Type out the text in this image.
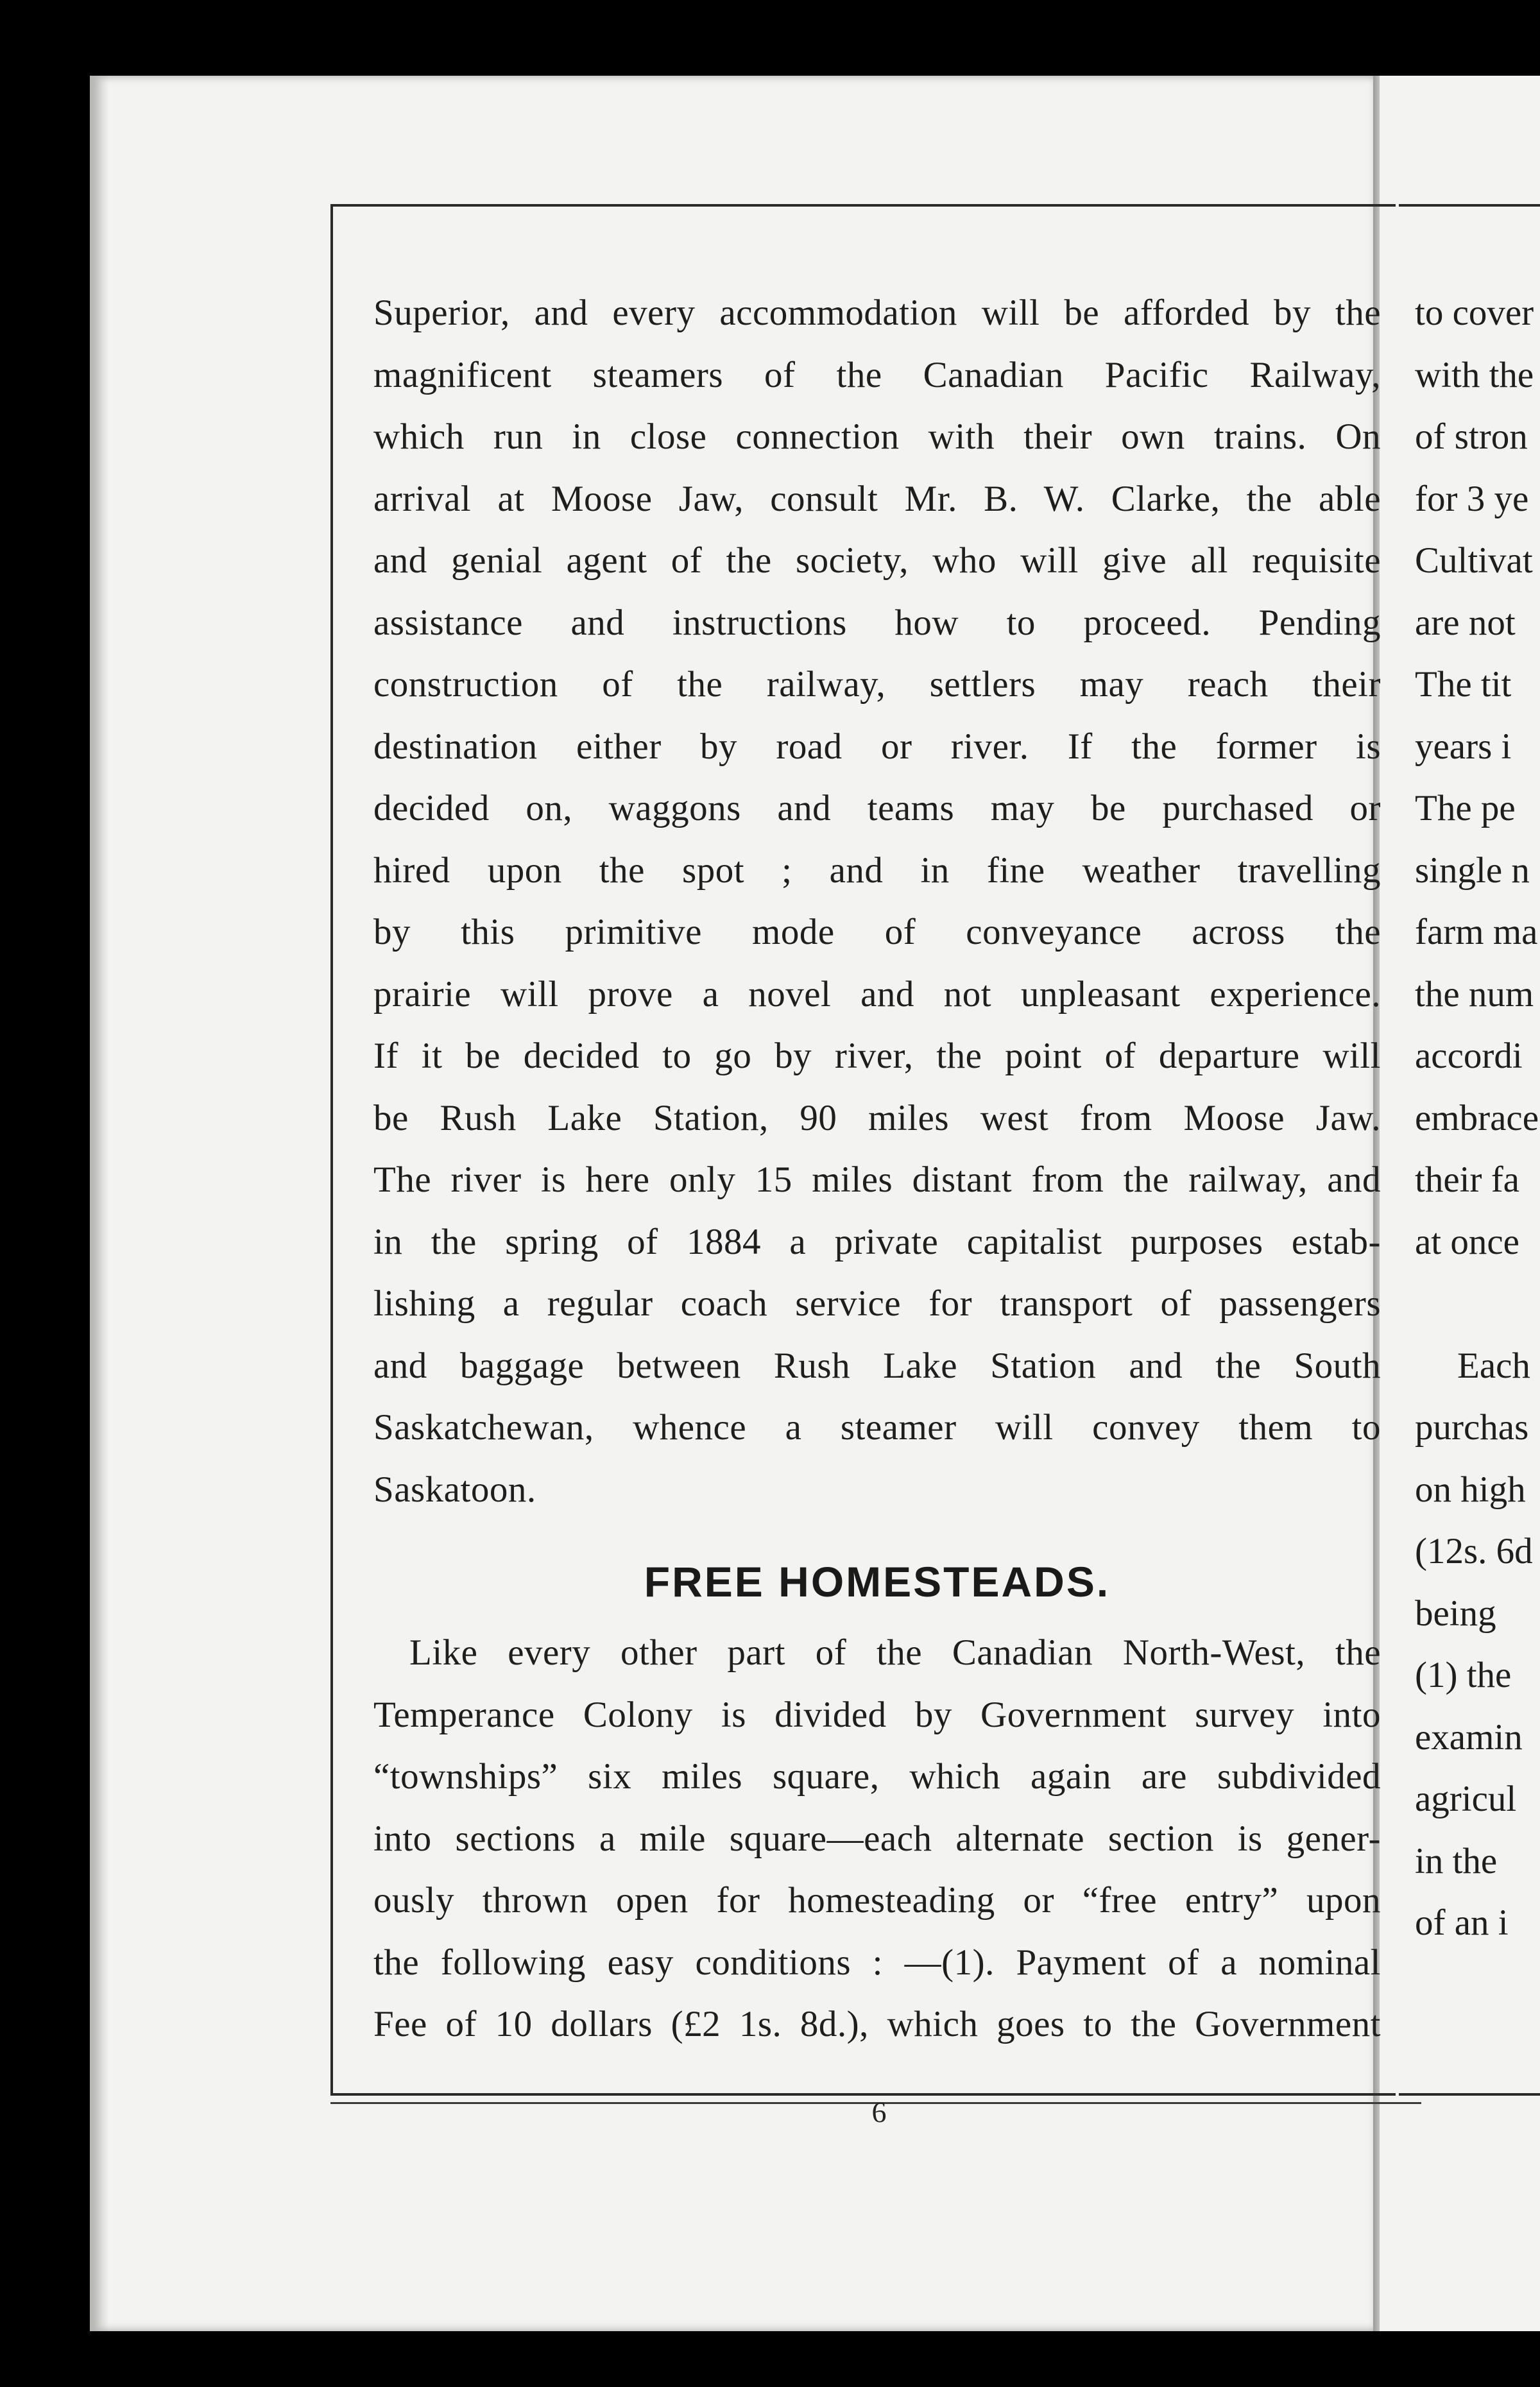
Superior, and every accommodation will be afforded by the
magnificent steamers of the Canadian Pacific Railway,
which run in close connection with their own trains. On
arrival at Moose Jaw, consult Mr. B. W. Clarke, the able
and genial agent of the society, who will give all requisite
assistance and instructions how to proceed. Pending
construction of the railway, settlers may reach their
destination either by road or river. If the former is
decided on, waggons and teams may be purchased or
hired upon the spot ; and in fine weather travelling
by this primitive mode of conveyance across the
prairie will prove a novel and not unpleasant experience.
If it be decided to go by river, the point of departure will
be Rush Lake Station, 90 miles west from Moose Jaw.
The river is here only 15 miles distant from the railway, and
in the spring of 1884 a private capitalist purposes estab-
lishing a regular coach service for transport of passengers
and baggage between Rush Lake Station and the South
Saskatchewan, whence a steamer will convey them to
Saskatoon.
FREE HOMESTEADS.
Like every other part of the Canadian North-West, the
Temperance Colony is divided by Government survey into
“townships” six miles square, which again are subdivided
into sections a mile square—each alternate section is gener-
ously thrown open for homesteading or “free entry” upon
the following easy conditions : —(1). Payment of a nominal
Fee of 10 dollars (£2 1s. 8d.), which goes to the Government
6
to cover
with the
of stron
for 3 ye
Cultivat
are not
The tit
years i
The pe
single n
farm ma
the num
accordi
embrace
their fa
at once
Each
purchas
on high
(12s. 6d
being
(1) the
examin
agricul
in the
of an i
